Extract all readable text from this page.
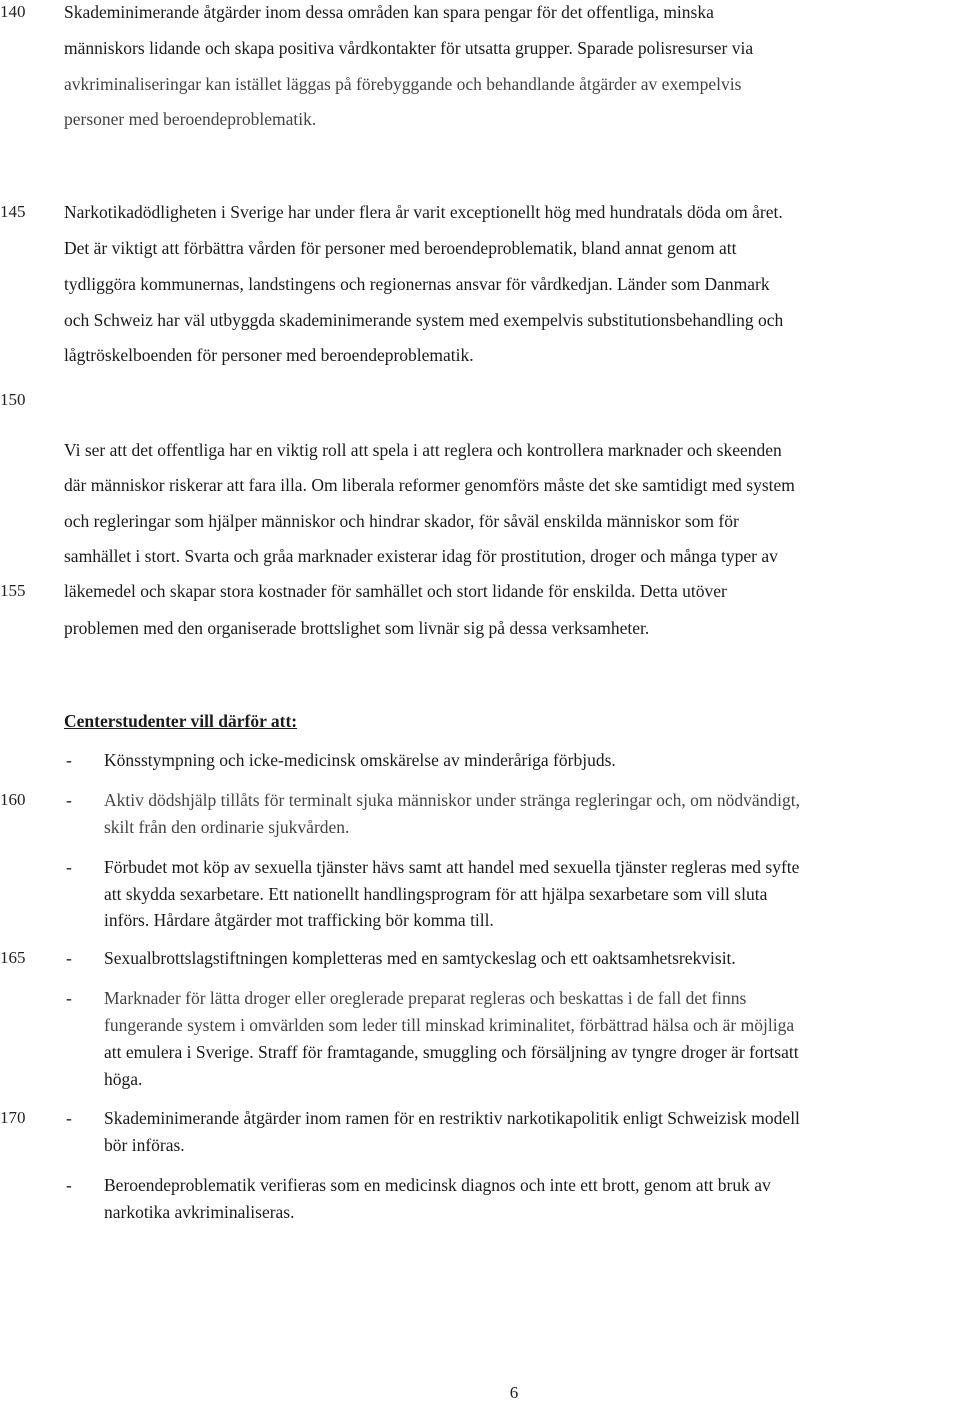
140
145
150
155
160
165
170
Skademinimerande åtgärder inom dessa områden kan spara pengar för det offentliga, minska
människors lidande och skapa positiva vårdkontakter för utsatta grupper. Sparade polisresurser via
avkriminaliseringar kan istället läggas på förebyggande och behandlande åtgärder av exempelvis
personer med beroendeproblematik.
Narkotikadödligheten i Sverige har under flera år varit exceptionellt hög med hundratals döda om året.
Det är viktigt att förbättra vården för personer med beroendeproblematik, bland annat genom att
tydliggöra kommunernas, landstingens och regionernas ansvar för vårdkedjan. Länder som Danmark
och Schweiz har väl utbyggda skademinimerande system med exempelvis substitutionsbehandling och
lågtröskelboenden för personer med beroendeproblematik.
Vi ser att det offentliga har en viktig roll att spela i att reglera och kontrollera marknader och skeenden
där människor riskerar att fara illa. Om liberala reformer genomförs måste det ske samtidigt med system
och regleringar som hjälper människor och hindrar skador, för såväl enskilda människor som för
samhället i stort. Svarta och gråa marknader existerar idag för prostitution, droger och många typer av
läkemedel och skapar stora kostnader för samhället och stort lidande för enskilda. Detta utöver
problemen med den organiserade brottslighet som livnär sig på dessa verksamheter.
Centerstudenter vill därför att:
- Könsstympning och icke-medicinsk omskärelse av minderåriga förbjuds.
- Aktiv dödshjälp tillåts för terminalt sjuka människor under stränga regleringar och, om nödvändigt,
skilt från den ordinarie sjukvården.
- Förbudet mot köp av sexuella tjänster hävs samt att handel med sexuella tjänster regleras med syfte
att skydda sexarbetare. Ett nationellt handlingsprogram för att hjälpa sexarbetare som vill sluta
införs. Hårdare åtgärder mot trafficking bör komma till.
- Sexualbrottslagstiftningen kompletteras med en samtyckeslag och ett oaktsamhetsrekvisit.
- Marknader för lätta droger eller oreglerade preparat regleras och beskattas i de fall det finns
fungerande system i omvärlden som leder till minskad kriminalitet, förbättrad hälsa och är möjliga
att emulera i Sverige. Straff för framtagande, smuggling och försäljning av tyngre droger är fortsatt
höga.
- Skademinimerande åtgärder inom ramen för en restriktiv narkotikapolitik enligt Schweizisk modell
bör införas.
- Beroendeproblematik verifieras som en medicinsk diagnos och inte ett brott, genom att bruk av
narkotika avkriminaliseras.
6
